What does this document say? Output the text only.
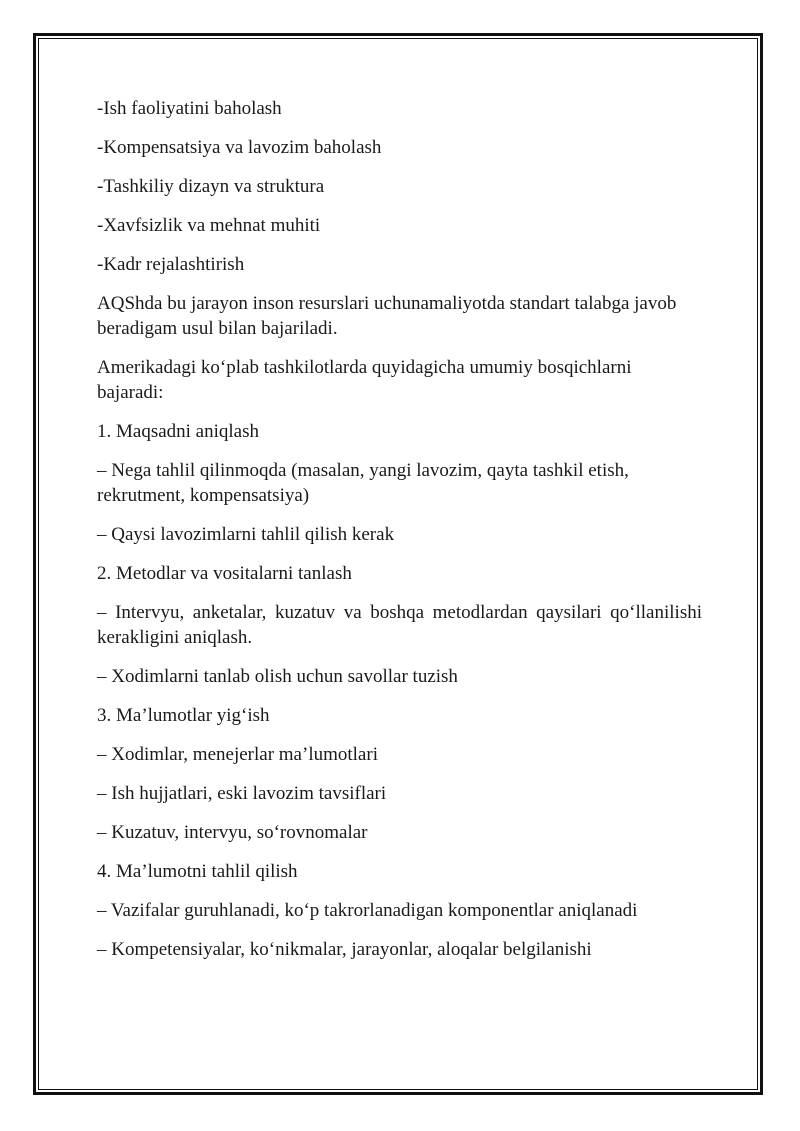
-Ish faoliyatini baholash

-Kompensatsiya va lavozim baholash

-Tashkiliy dizayn va struktura

-Xavfsizlik va mehnat muhiti

-Kadr rejalashtirish

AQShda bu jarayon inson resurslari uchunamaliyotda standart talabga javob beradigam usul bilan bajariladi.

Amerikadagi ko‘plab tashkilotlarda quyidagicha umumiy bosqichlarni bajaradi:

1. Maqsadni aniqlash

– Nega tahlil qilinmoqda (masalan, yangi lavozim, qayta tashkil etish, rekrutment, kompensatsiya)

– Qaysi lavozimlarni tahlil qilish kerak

2. Metodlar va vositalarni tanlash

– Intervyu, anketalar, kuzatuv va boshqa metodlardan qaysilari qo‘llanilishi kerakligini aniqlash.

– Xodimlarni tanlab olish uchun savollar tuzish

3. Ma’lumotlar yig‘ish

– Xodimlar, menejerlar ma’lumotlari

– Ish hujjatlari, eski lavozim tavsiflari

– Kuzatuv, intervyu, so‘rovnomalar

4. Ma’lumotni tahlil qilish

– Vazifalar guruhlanadi, ko‘p takrorlanadigan komponentlar aniqlanadi

– Kompetensiyalar, ko‘nikmalar, jarayonlar, aloqalar belgilanishi
